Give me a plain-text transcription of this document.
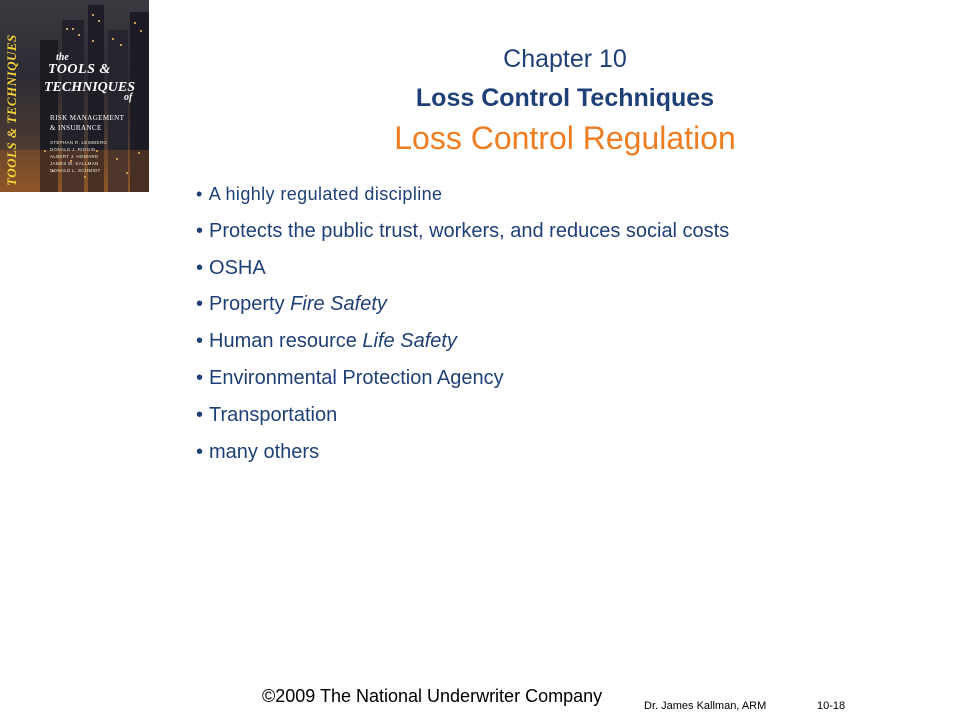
TOOLS & TECHNIQUES	the
TOOLS &
TECHNIQUES
of
RISK MANAGEMENT
& INSURANCE
STEPHAN R. LEIMBERG
DONALD J. RIGGIN
ALBERT J. HOWARD
JAMES W. KALLMAN
DONALD L. SCHMIDT
Chapter 10
Loss Control Techniques
Loss Control Regulation
• A highly regulated discipline
• Protects the public trust, workers, and reduces social costs
• OSHA
• Property Fire Safety
• Human resource Life Safety
• Environmental Protection Agency
• Transportation
• many others
©2009 The National Underwriter Company	Dr. James Kallman, ARM	10-18
